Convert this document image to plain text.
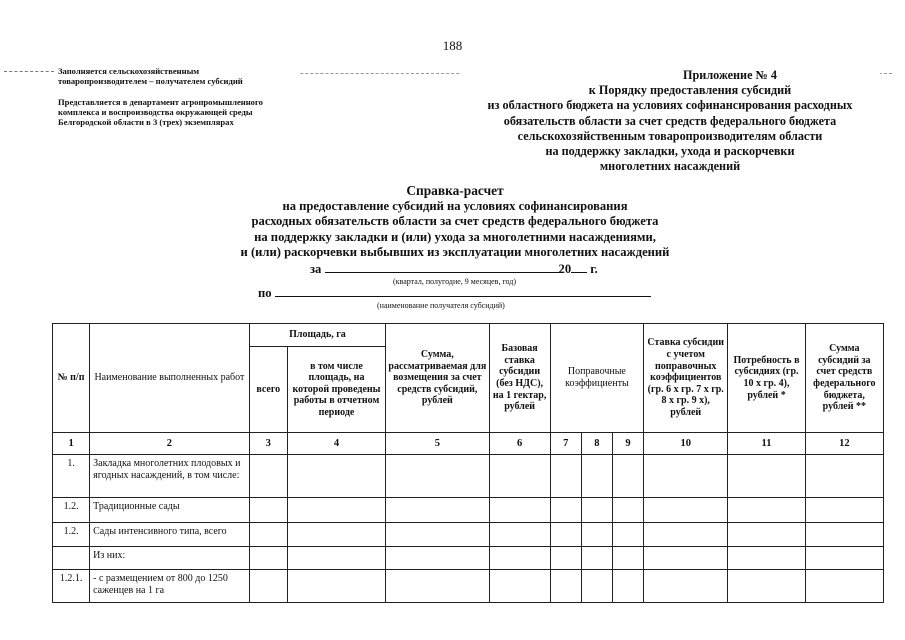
188
Заполняется сельскохозяйственным
товаропроизводителем – получателем субсидий
Представляется в департамент агропромышленного
комплекса и воспроизводства окружающей среды
Белгородской области в 3 (трех) экземплярах
Приложение № 4
к Порядку предоставления субсидий
из областного бюджета на условиях софинансирования расходных
обязательств области за счет средств федерального бюджета
сельскохозяйственным товаропроизводителям области
на поддержку закладки, ухода и раскорчевки
многолетних насаждений
Справка-расчет
на предоставление субсидий на условиях софинансирования
расходных обязательств области за счет средств федерального бюджета
на поддержку закладки и (или) ухода за многолетними насаждениями,
и (или) раскорчевки выбывших из эксплуатации многолетних насаждений
за	20 г.
(квартал, полугодие, 9 месяцев, год)
по
(наименование получателя субсидий)
№ п/п	Наименование выполненных работ	Площадь, га		Сумма, рассматриваемая для возмещения за счет средств субсидий, рублей	Базовая ставка субсидии (без НДС), на 1 гектар, рублей	Поправочные коэффициенты			Ставка субсидии с учетом поправочных коэффициентов (гр. 6 х гр. 7 х гр. 8 х гр. 9 х), рублей	Потребность в субсидиях (гр. 10 х гр. 4), рублей *	Сумма субсидий за счет средств федерального бюджета, рублей **
		всего	в том числе площадь, на которой проведены работы в отчетном периоде								
1	2	3	4	5	6	7	8	9	10	11	12
1.	Закладка многолетних плодовых и ягодных насаждений, в том числе:										
1.2.	Традиционные сады										
1.2.	Сады интенсивного типа, всего										
	Из них:										
1.2.1.	- с размещением от 800 до 1250 саженцев на 1 га										
